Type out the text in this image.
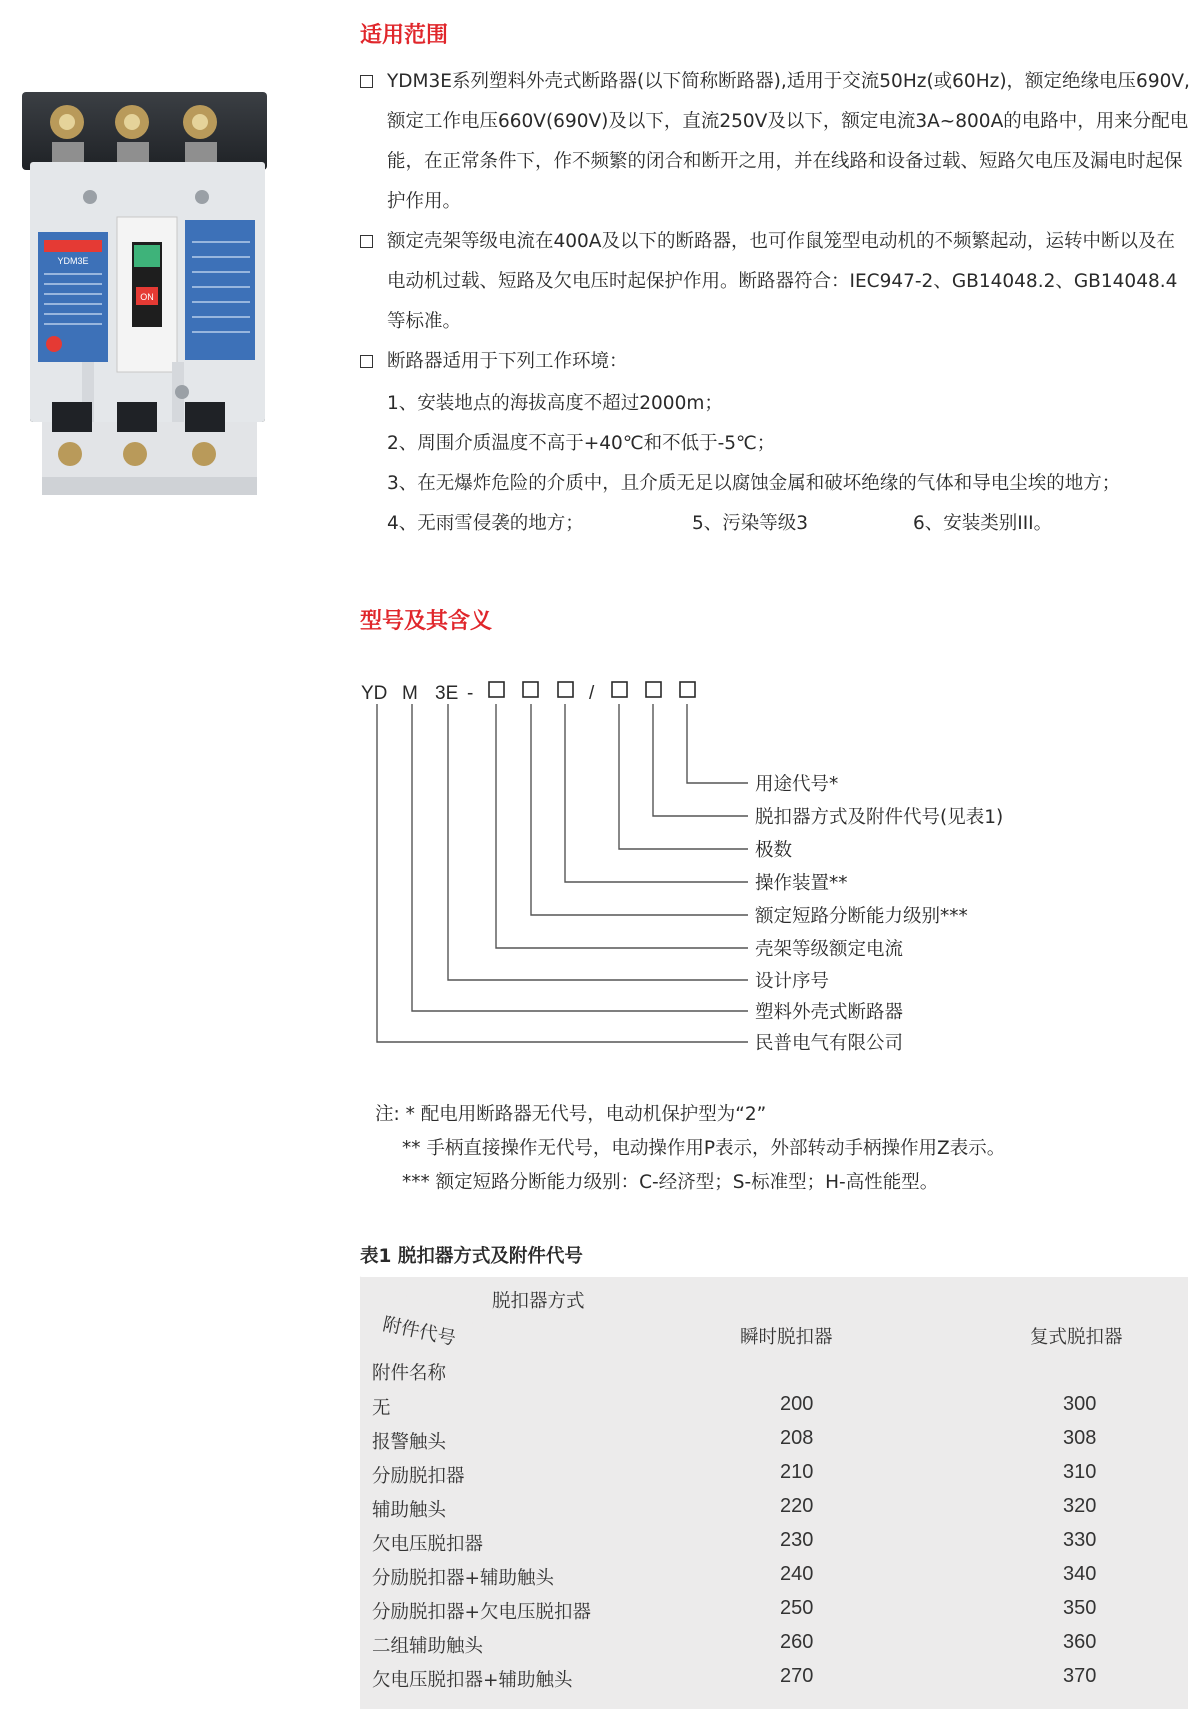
YDM3E
ON
适用范围
YDM3E系列塑料外壳式断路器(以下简称断路器),适用于交流50Hz(或60Hz)，额定绝缘电压690V,额定工作电压660V(690V)及以下，直流250V及以下，额定电流3A~800A的电路中，用来分配电能，在正常条件下，作不频繁的闭合和断开之用，并在线路和设备过载、短路欠电压及漏电时起保护作用。
额定壳架等级电流在400A及以下的断路器，也可作鼠笼型电动机的不频繁起动，运转中断以及在电动机过载、短路及欠电压时起保护作用。断路器符合：IEC947-2、GB14048.2、GB14048.4等标准。
断路器适用于下列工作环境：
1、安装地点的海拔高度不超过2000m；
2、周围介质温度不高于+40℃和不低于-5℃；
3、在无爆炸危险的介质中，且介质无足以腐蚀金属和破坏绝缘的气体和导电尘埃的地方；
4、无雨雪侵袭的地方；	5、污染等级3	6、安装类别III。
型号及其含义
YD M 3E -	/
用途代号*
脱扣器方式及附件代号(见表1)
极数
操作装置**
额定短路分断能力级别***
壳架等级额定电流
设计序号
塑料外壳式断路器
民普电气有限公司
注: * 配电用断路器无代号，电动机保护型为“2”
** 手柄直接操作无代号，电动操作用P表示，外部转动手柄操作用Z表示。
*** 额定短路分断能力级别：C-经济型；S-标准型；H-高性能型。
表1 脱扣器方式及附件代号
脱扣器方式
附件代号
附件名称
瞬时脱扣器	复式脱扣器
无	200	300
报警触头	208	308
分励脱扣器	210	310
辅助触头	220	320
欠电压脱扣器	230	330
分励脱扣器+辅助触头	240	340
分励脱扣器+欠电压脱扣器	250	350
二组辅助触头	260	360
欠电压脱扣器+辅助触头	270	370
